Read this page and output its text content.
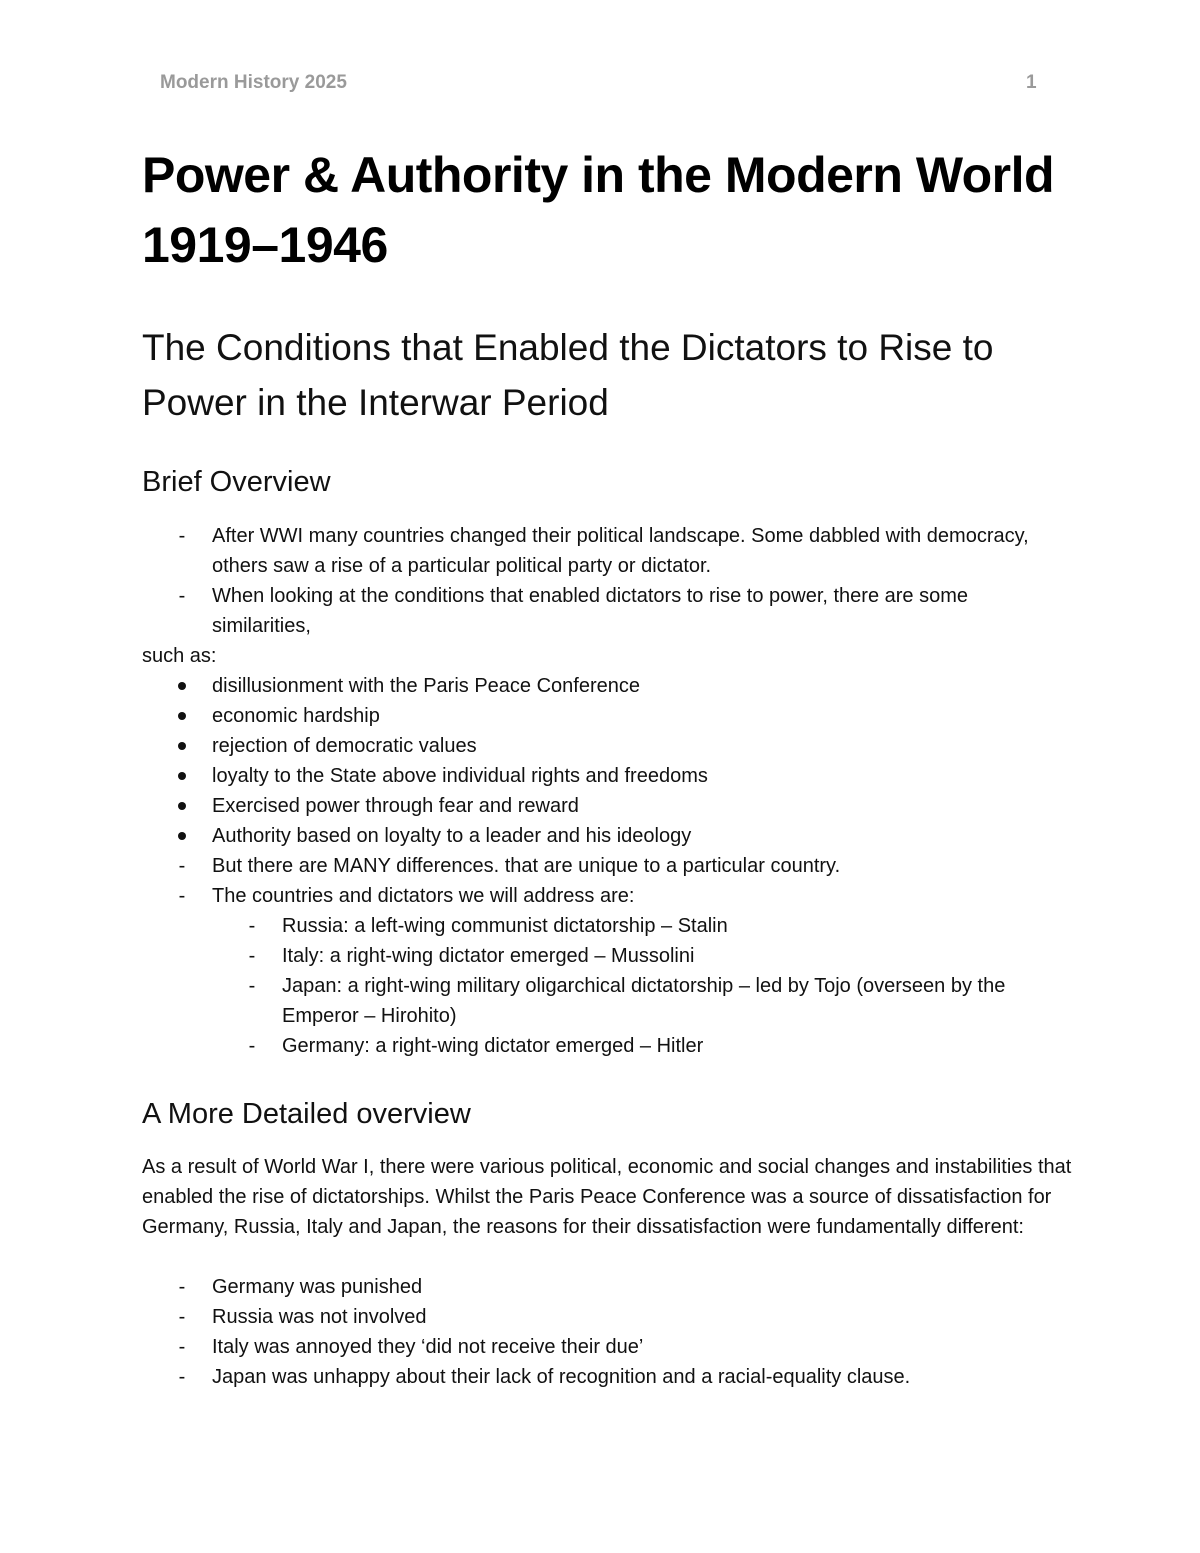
Modern History 2025	1
Power & Authority in the Modern World 1919–1946
The Conditions that Enabled the Dictators to Rise to Power in the Interwar Period
Brief Overview
-	After WWI many countries changed their political landscape. Some dabbled with democracy, others saw a rise of a particular political party or dictator.
-	When looking at the conditions that enabled dictators to rise to power, there are some similarities,
such as:
disillusionment with the Paris Peace Conference
economic hardship
rejection of democratic values
loyalty to the State above individual rights and freedoms
Exercised power through fear and reward
Authority based on loyalty to a leader and his ideology
-	But there are MANY differences. that are unique to a particular country.
-	The countries and dictators we will address are:
-	Russia: a left-wing communist dictatorship – Stalin
-	Italy: a right-wing dictator emerged – Mussolini
-	Japan: a right-wing military oligarchical dictatorship – led by Tojo (overseen by the Emperor – Hirohito)
-	Germany: a right-wing dictator emerged – Hitler
A More Detailed overview

As a result of World War I, there were various political, economic and social changes and instabilities that enabled the rise of dictatorships. Whilst the Paris Peace Conference was a source of dissatisfaction for Germany, Russia, Italy and Japan, the reasons for their dissatisfaction were fundamentally different:

-	Germany was punished
-	Russia was not involved
-	Italy was annoyed they ‘did not receive their due’
-	Japan was unhappy about their lack of recognition and a racial-equality clause.
